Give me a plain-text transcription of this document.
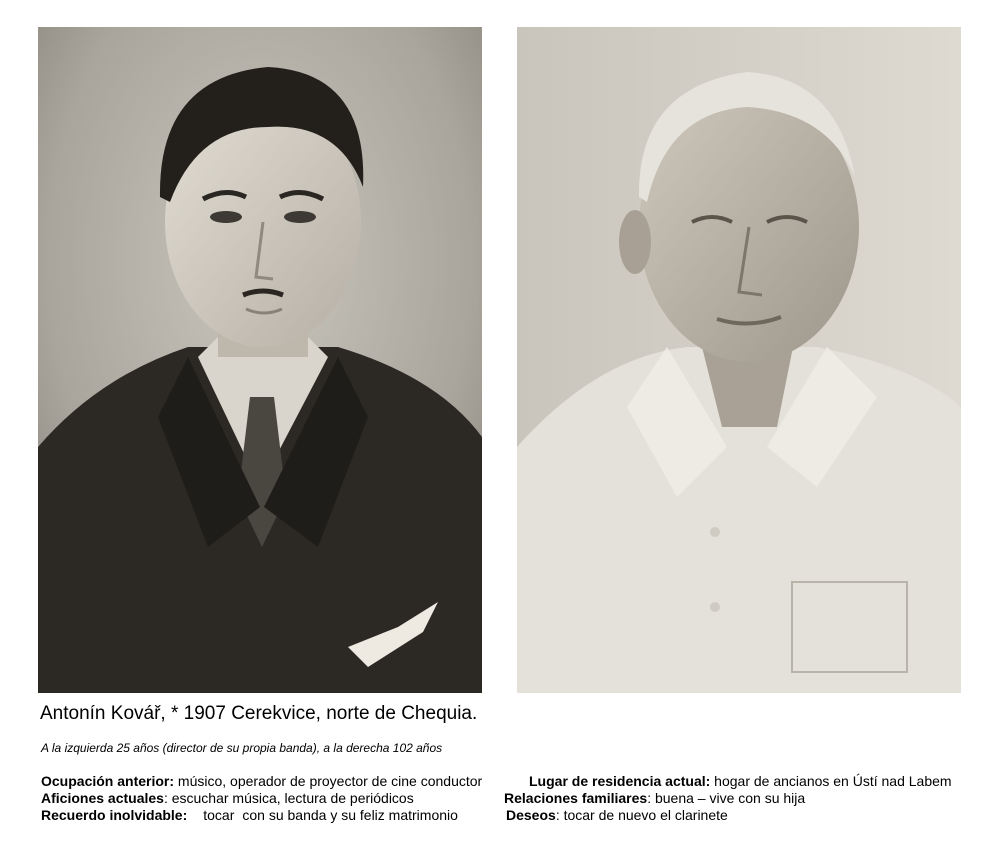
Antonín Kovář, * 1907 Cerekvice, norte de Chequia.
A la izquierda 25 años (director de su propia banda), a la derecha 102 años
Ocupación anterior: músico, operador de proyector de cine conductor
Aficiones actuales: escuchar música, lectura de periódicos
Recuerdo inolvidable: tocar con su banda y su feliz matrimonio
Lugar de residencia actual: hogar de ancianos en Ústí nad Labem
Relaciones familiares: buena – vive con su hija
Deseos: tocar de nuevo el clarinete
